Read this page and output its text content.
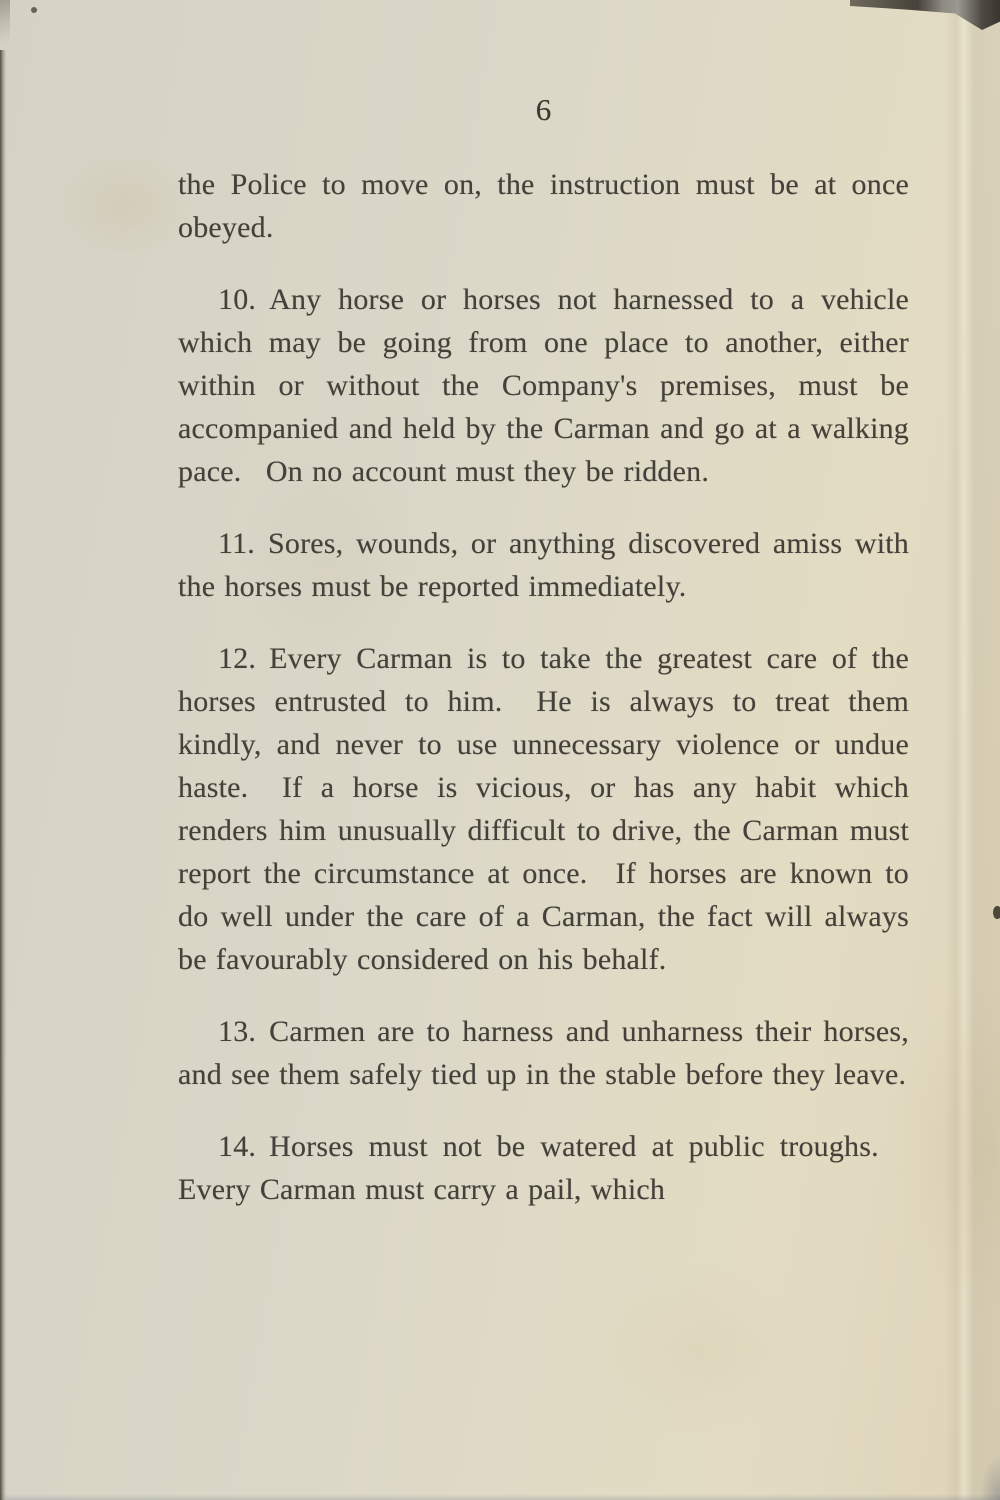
6

the Police to move on, the instruction must be at once obeyed.

10. Any horse or horses not harnessed to a vehicle which may be going from one place to another, either within or without the Company's premises, must be accompanied and held by the Carman and go at a walking pace.  On no account must they be ridden.

11. Sores, wounds, or anything discovered amiss with the horses must be reported immediately.

12. Every Carman is to take the greatest care of the horses entrusted to him.  He is always to treat them kindly, and never to use unnecessary violence or undue haste.  If a horse is vicious, or has any habit which renders him unusually difficult to drive, the Carman must report the circumstance at once.  If horses are known to do well under the care of a Carman, the fact will always be favourably considered on his behalf.

13. Carmen are to harness and unharness their horses, and see them safely tied up in the stable before they leave.

14. Horses must not be watered at public troughs.  Every Carman must carry a pail, which
